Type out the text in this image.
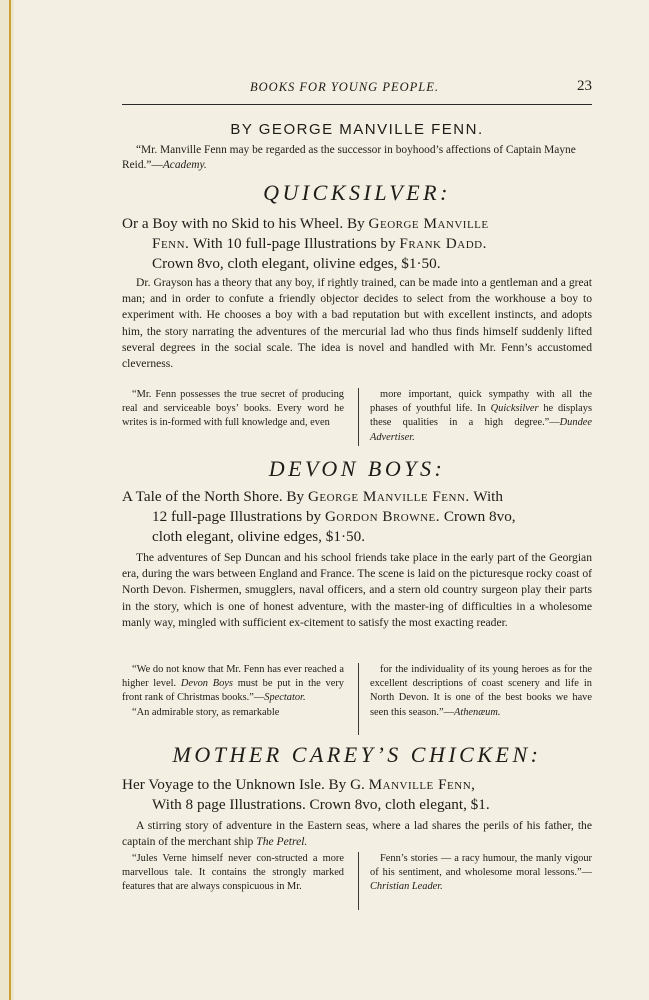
BOOKS FOR YOUNG PEOPLE.	23
BY GEORGE MANVILLE FENN.
“Mr. Manville Fenn may be regarded as the successor in boyhood’s affections of Captain Mayne Reid.”—Academy.
QUICKSILVER:
Or a Boy with no Skid to his Wheel. By George Manville
Fenn. With 10 full-page Illustrations by Frank Dadd.
Crown 8vo, cloth elegant, olivine edges, $1·50.
Dr. Grayson has a theory that any boy, if rightly trained, can be made into a gentleman and a great man; and in order to confute a friendly objector decides to select from the workhouse a boy to experiment with. He chooses a boy with a bad reputation but with excellent instincts, and adopts him, the story narrating the adventures of the mercurial lad who thus finds himself suddenly lifted several degrees in the social scale. The idea is novel and handled with Mr. Fenn’s accustomed cleverness.
“Mr. Fenn possesses the true secret of producing real and serviceable boys’ books. Every word he writes is in-formed with full knowledge and, even
more important, quick sympathy with all the phases of youthful life. In Quicksilver he displays these qualities in a high degree.”—Dundee Advertiser.
DEVON BOYS:
A Tale of the North Shore. By George Manville Fenn. With
12 full-page Illustrations by Gordon Browne. Crown 8vo,
cloth elegant, olivine edges, $1·50.
The adventures of Sep Duncan and his school friends take place in the early part of the Georgian era, during the wars between England and France. The scene is laid on the picturesque rocky coast of North Devon. Fishermen, smugglers, naval officers, and a stern old country surgeon play their parts in the story, which is one of honest adventure, with the master-ing of difficulties in a wholesome manly way, mingled with sufficient ex-citement to satisfy the most exacting reader.
“We do not know that Mr. Fenn has ever reached a higher level. Devon Boys must be put in the very front rank of Christmas books.”—Spectator.
“An admirable story, as remarkable
for the individuality of its young heroes as for the excellent descriptions of coast scenery and life in North Devon. It is one of the best books we have seen this season.”—Athenæum.
MOTHER CAREY’S CHICKEN:
Her Voyage to the Unknown Isle. By G. Manville Fenn,
With 8 page Illustrations. Crown 8vo, cloth elegant, $1.
A stirring story of adventure in the Eastern seas, where a lad shares the perils of his father, the captain of the merchant ship The Petrel.
“Jules Verne himself never con-structed a more marvellous tale. It contains the strongly marked features that are always conspicuous in Mr.
Fenn’s stories — a racy humour, the manly vigour of his sentiment, and wholesome moral lessons.”—Christian Leader.
